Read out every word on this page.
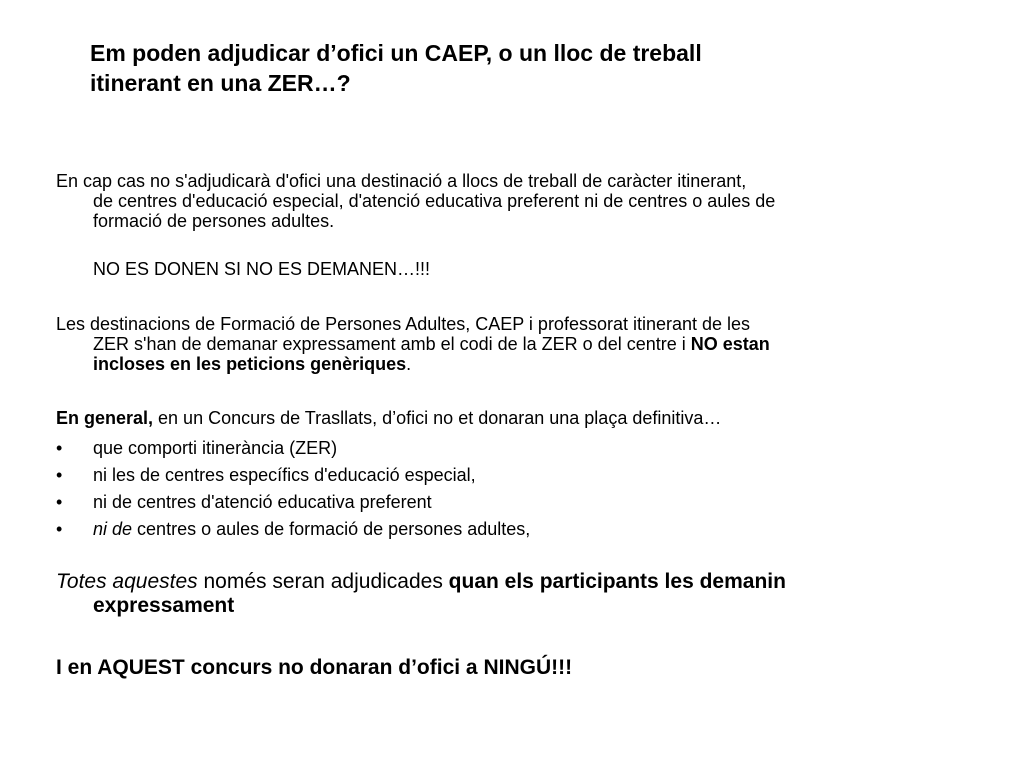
Em poden adjudicar d’ofici un CAEP, o un lloc de treball
itinerant en una ZER…?
En cap cas no s'adjudicarà d'ofici una destinació a llocs de treball de caràcter itinerant,
de centres d'educació especial, d'atenció educativa preferent ni de centres o aules de
formació de persones adultes.
NO ES DONEN SI NO ES DEMANEN…!!!
Les destinacions de Formació de Persones Adultes, CAEP i professorat itinerant de les
ZER s'han de demanar expressament amb el codi de la ZER o del centre i NO estan
incloses en les peticions genèriques.
En general, en un Concurs de Trasllats, d’ofici no et donaran una plaça definitiva…
• que comporti itinerància (ZER)
• ni les de centres específics d'educació especial,
• ni de centres d'atenció educativa preferent
• ni de centres o aules de formació de persones adultes,
Totes aquestes només seran adjudicades quan els participants les demanin
expressament
I en AQUEST concurs no donaran d’ofici a NINGÚ!!!
